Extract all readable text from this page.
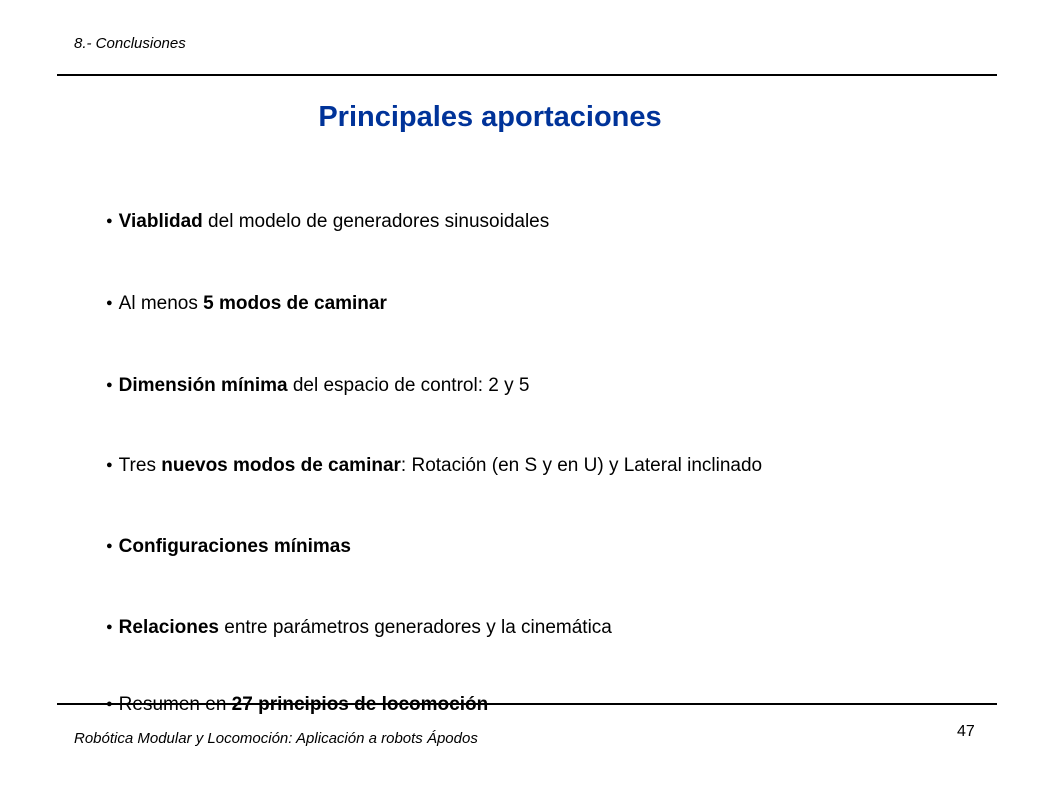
8.- Conclusiones
Principales aportaciones
● Viablidad del modelo de generadores sinusoidales
● Al menos 5 modos de caminar
● Dimensión mínima del espacio de control: 2 y 5
● Tres nuevos modos de caminar: Rotación (en S y en U) y Lateral inclinado
● Configuraciones mínimas
● Relaciones entre parámetros generadores y la cinemática
● Resumen en 27 principios de locomoción
Robótica Modular y Locomoción: Aplicación a robots Ápodos	47
